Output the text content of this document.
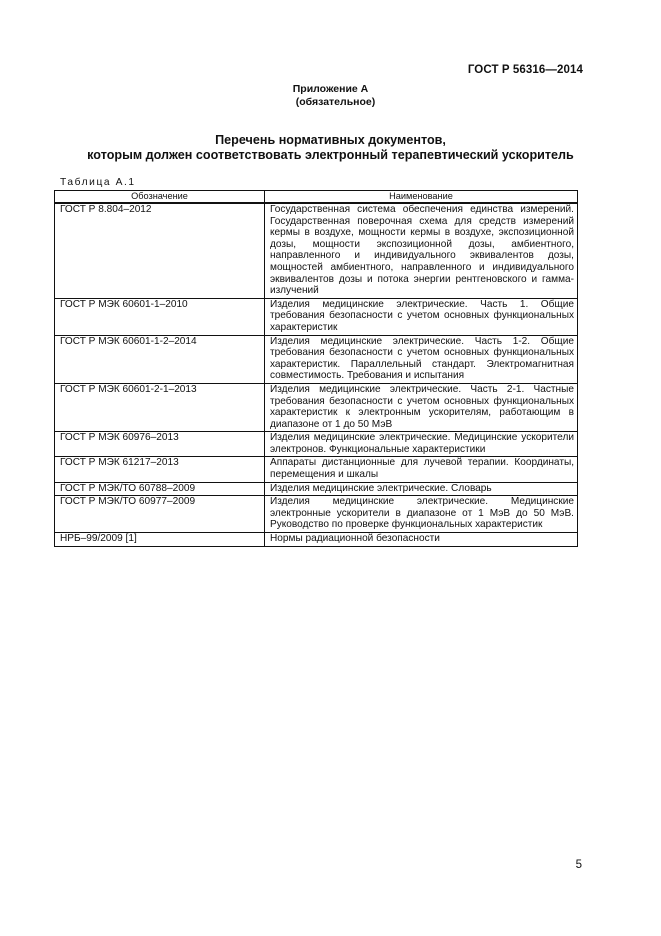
ГОСТ Р 56316—2014
Приложение А

(обязательное)
Перечень нормативных документов,
которым должен соответствовать электронный терапевтический ускоритель
Таблица А.1
Обозначение	Наименование
ГОСТ Р 8.804–2012	Государственная система обеспечения единства измерений. Государственная поверочная схема для средств измерений кермы в воздухе, мощности кермы в воздухе, экспозиционной дозы, мощности экспозиционной дозы, амбиентного, направленного и индивидуального эквивалентов дозы, мощностей амбиентного, направленного и индивидуального эквивалентов дозы и потока энергии рентгеновского и гамма-излучений
ГОСТ Р МЭК 60601-1–2010	Изделия медицинские электрические. Часть 1. Общие требования безопасности с учетом основных функциональных характеристик
ГОСТ Р МЭК 60601-1-2–2014	Изделия медицинские электрические. Часть 1-2. Общие требования безопасности с учетом основных функциональных характеристик. Параллельный стандарт. Электромагнитная совместимость. Требования и испытания
ГОСТ Р МЭК 60601-2-1–2013	Изделия медицинские электрические. Часть 2-1. Частные требования безопасности с учетом основных функциональных характеристик к электронным ускорителям, работающим в диапазоне от 1 до 50 МэВ
ГОСТ Р МЭК 60976–2013	Изделия медицинские электрические. Медицинские ускорители электронов. Функциональные характеристики
ГОСТ Р МЭК 61217–2013	Аппараты дистанционные для лучевой терапии. Координаты, перемещения и шкалы
ГОСТ Р МЭК/ТО 60788–2009	Изделия медицинские электрические. Словарь
ГОСТ Р МЭК/ТО 60977–2009	Изделия медицинские электрические. Медицинские электронные ускорители в диапазоне от 1 МэВ до 50 МэВ. Руководство по проверке функциональных характеристик
НРБ–99/2009 [1]	Нормы радиационной безопасности
5
